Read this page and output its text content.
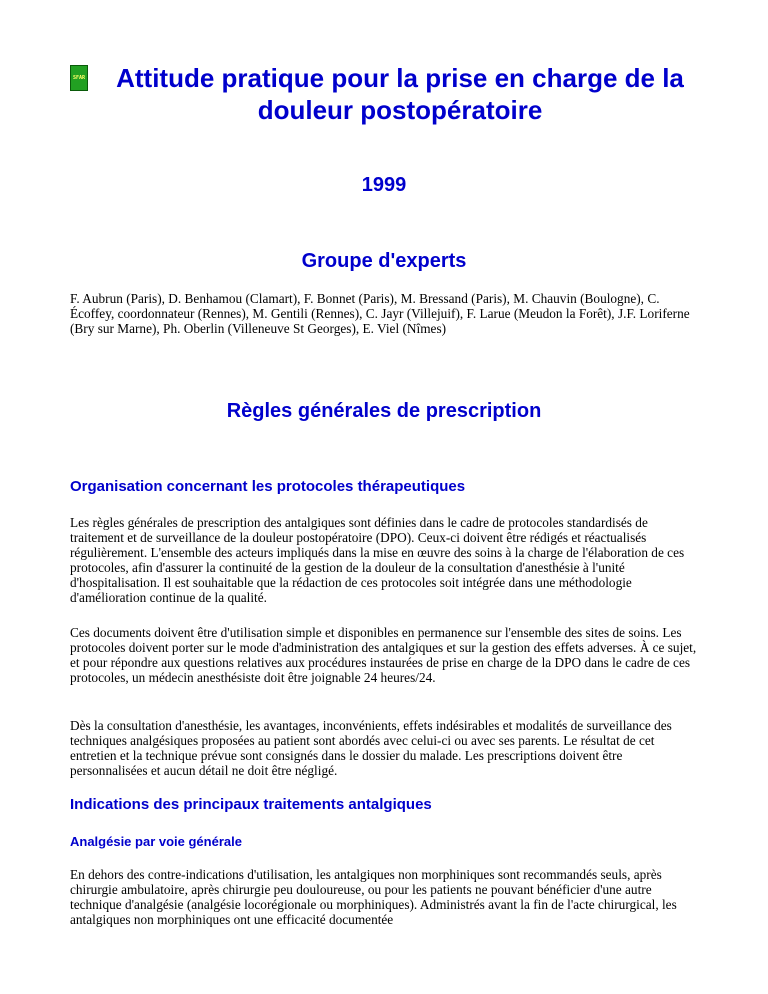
SFAR	Attitude pratique pour la prise en charge de la douleur postopératoire
1999
Groupe d'experts
F. Aubrun (Paris), D. Benhamou (Clamart), F. Bonnet (Paris), M. Bressand (Paris), M. Chauvin (Boulogne), C. Écoffey, coordonnateur (Rennes), M. Gentili (Rennes), C. Jayr (Villejuif), F. Larue (Meudon la Forêt), J.F. Loriferne (Bry sur Marne), Ph. Oberlin (Villeneuve St Georges), E. Viel (Nîmes)
Règles générales de prescription
Organisation concernant les protocoles thérapeutiques
Les règles générales de prescription des antalgiques sont définies dans le cadre de protocoles standardisés de traitement et de surveillance de la douleur postopératoire (DPO). Ceux-ci doivent être rédigés et réactualisés régulièrement. L'ensemble des acteurs impliqués dans la mise en œuvre des soins à la charge de l'élaboration de ces protocoles, afin d'assurer la continuité de la gestion de la douleur de la consultation d'anesthésie à l'unité d'hospitalisation. Il est souhaitable que la rédaction de ces protocoles soit intégrée dans une méthodologie d'amélioration continue de la qualité.
Ces documents doivent être d'utilisation simple et disponibles en permanence sur l'ensemble des sites de soins. Les protocoles doivent porter sur le mode d'administration des antalgiques et sur la gestion des effets adverses. À ce sujet, et pour répondre aux questions relatives aux procédures instaurées de prise en charge de la DPO dans le cadre de ces protocoles, un médecin anesthésiste doit être joignable 24 heures/24.
Dès la consultation d'anesthésie, les avantages, inconvénients, effets indésirables et modalités de surveillance des techniques analgésiques proposées au patient sont abordés avec celui-ci ou avec ses parents. Le résultat de cet entretien et la technique prévue sont consignés dans le dossier du malade. Les prescriptions doivent être personnalisées et aucun détail ne doit être négligé.
Indications des principaux traitements antalgiques
Analgésie par voie générale
En dehors des contre-indications d'utilisation, les antalgiques non morphiniques sont recommandés seuls, après chirurgie ambulatoire, après chirurgie peu douloureuse, ou pour les patients ne pouvant bénéficier d'une autre technique d'analgésie (analgésie locorégionale ou morphiniques). Administrés avant la fin de l'acte chirurgical, les antalgiques non morphiniques ont une efficacité documentée
